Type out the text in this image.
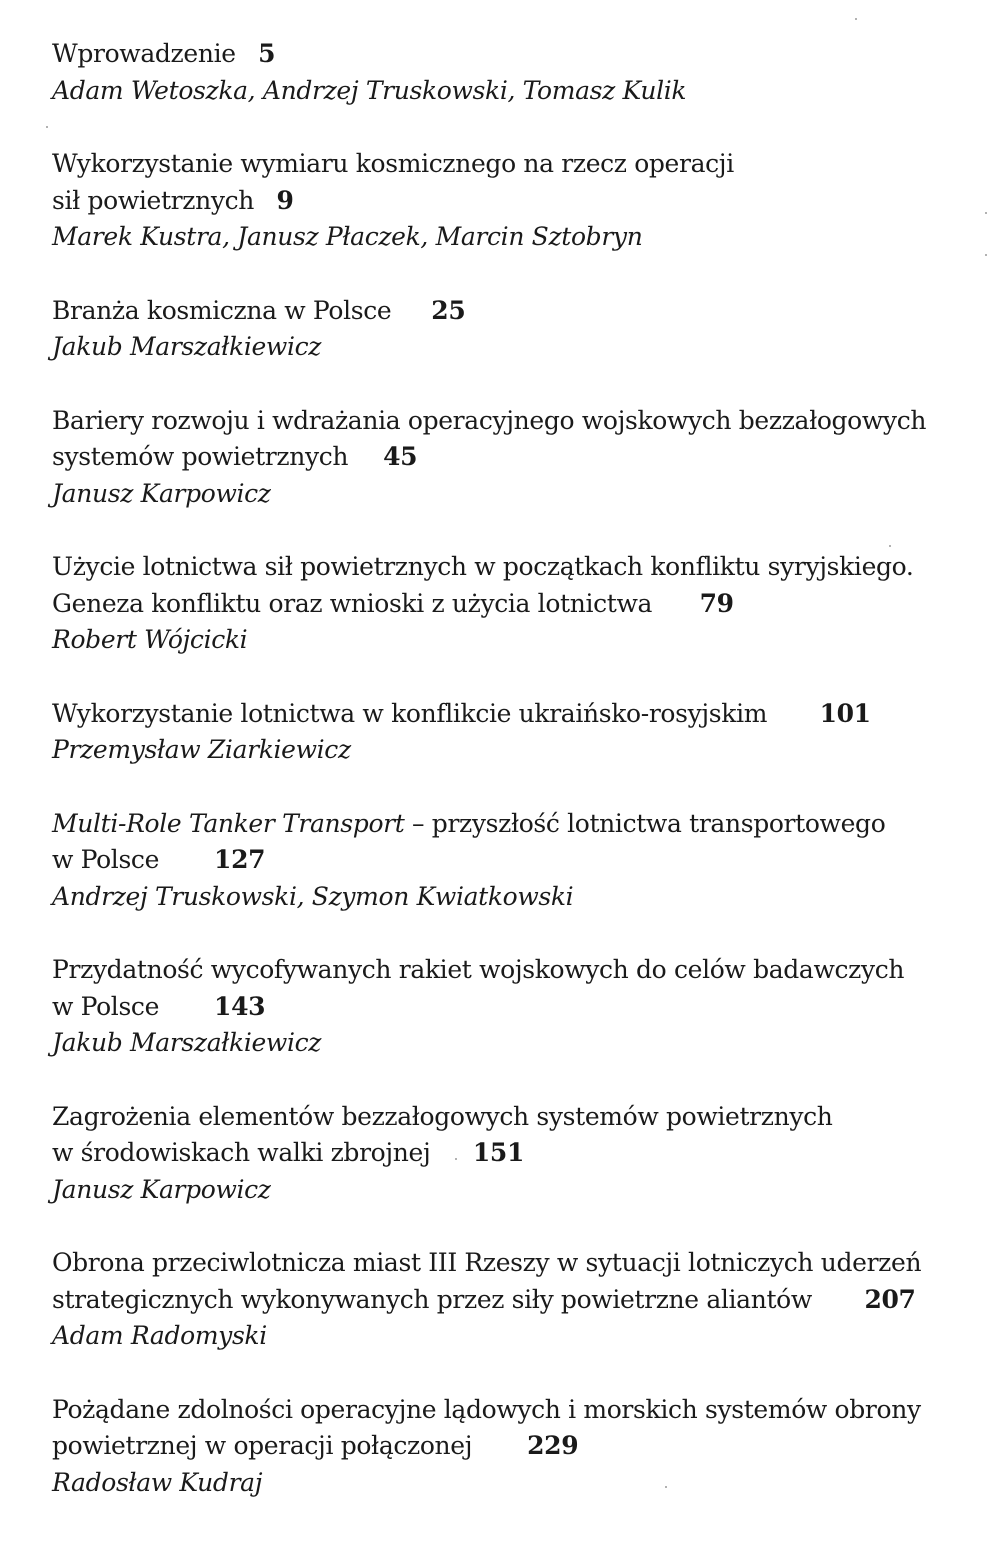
Wprowadzenie 5
Adam Wetoszka, Andrzej Truskowski, Tomasz Kulik
Wykorzystanie wymiaru kosmicznego na rzecz operacji
sił powietrznych 9
Marek Kustra, Janusz Płaczek, Marcin Sztobryn
Branża kosmiczna w Polsce 25
Jakub Marszałkiewicz
Bariery rozwoju i wdrażania operacyjnego wojskowych bezzałogowych
systemów powietrznych 45
Janusz Karpowicz
Użycie lotnictwa sił powietrznych w początkach konfliktu syryjskiego.
Geneza konfliktu oraz wnioski z użycia lotnictwa 79
Robert Wójcicki
Wykorzystanie lotnictwa w konflikcie ukraińsko-rosyjskim 101
Przemysław Ziarkiewicz
Multi-Role Tanker Transport – przyszłość lotnictwa transportowego
w Polsce 127
Andrzej Truskowski, Szymon Kwiatkowski
Przydatność wycofywanych rakiet wojskowych do celów badawczych
w Polsce 143
Jakub Marszałkiewicz
Zagrożenia elementów bezzałogowych systemów powietrznych
w środowiskach walki zbrojnej 151
Janusz Karpowicz
Obrona przeciwlotnicza miast III Rzeszy w sytuacji lotniczych uderzeń
strategicznych wykonywanych przez siły powietrzne aliantów 207
Adam Radomyski
Pożądane zdolności operacyjne lądowych i morskich systemów obrony
powietrznej w operacji połączonej 229
Radosław Kudraj
